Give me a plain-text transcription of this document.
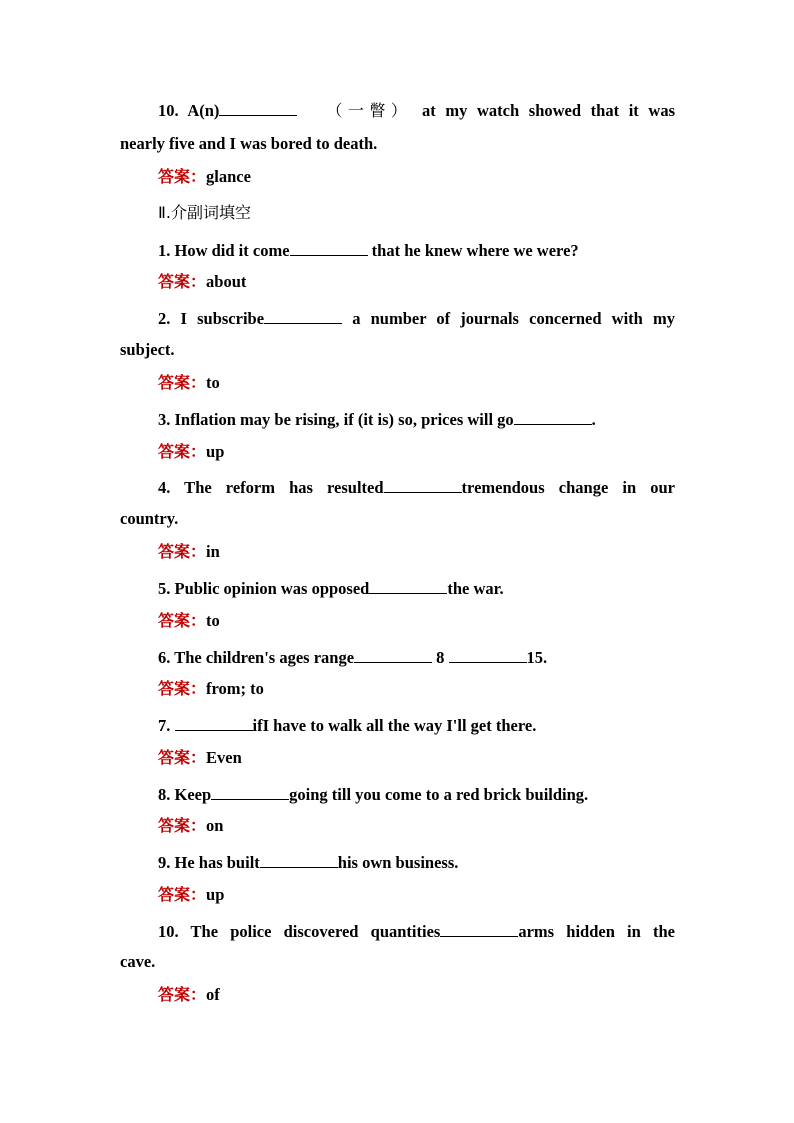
10. A(n)	（一瞥） at my watch showed that it was
nearly five and I was bored to death.
答案：glance
Ⅱ.介副词填空
1. How did it come	that he knew where we were?
答案：about
2. I subscribe	a number of journals concerned with my
subject.
答案：to
3. Inflation may be rising, if (it is) so, prices will go	.
答案：up
4. The reform has resulted	tremendous change in our
country.
答案：in
5. Public opinion was opposed	the war.
答案：to
6. The children's ages range	8	15.
答案：from; to
7.	ifI have to walk all the way I'll get there.
答案：Even
8. Keep	going till you come to a red brick building.
答案：on
9. He has built	his own business.
答案：up
10. The police discovered quantities	arms hidden in the
cave.
答案：of
